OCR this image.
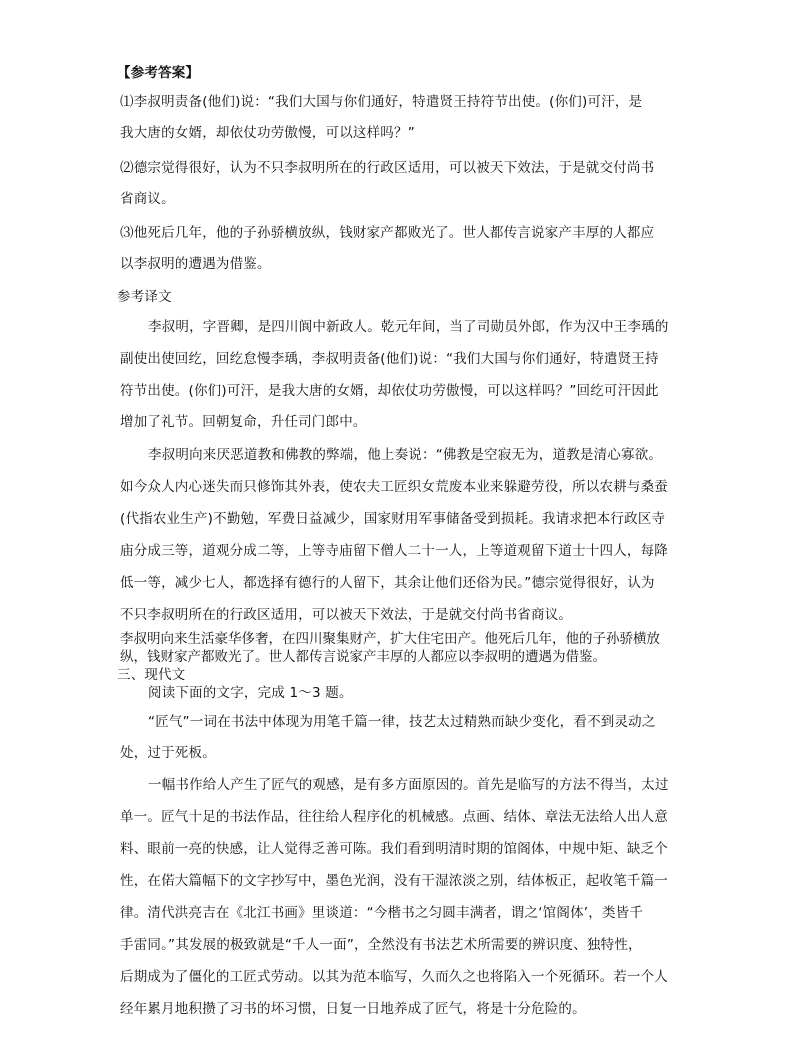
【参考答案】
⑴李叔明责备(他们)说：“我们大国与你们通好，特遣贤王持符节出使。(你们)可汗，是
我大唐的女婿，却依仗功劳傲慢，可以这样吗？”
⑵德宗觉得很好，认为不只李叔明所在的行政区适用，可以被天下效法，于是就交付尚书
省商议。
⑶他死后几年，他的子孙骄横放纵，钱财家产都败光了。世人都传言说家产丰厚的人都应
以李叔明的遭遇为借鉴。
参考译文
李叔明，字晋卿，是四川阆中新政人。乾元年间，当了司勋员外郎，作为汉中王李瑀的
副使出使回纥，回纥怠慢李瑀，李叔明责备(他们)说：“我们大国与你们通好，特遣贤王持
符节出使。(你们)可汗，是我大唐的女婿，却依仗功劳傲慢，可以这样吗？”回纥可汗因此
增加了礼节。回朝复命，升任司门郎中。
李叔明向来厌恶道教和佛教的弊端，他上奏说：“佛教是空寂无为，道教是清心寡欲。
如今众人内心迷失而只修饰其外表，使农夫工匠织女荒废本业来躲避劳役，所以农耕与桑蚕
(代指农业生产)不勤勉，军费日益减少，国家财用军事储备受到损耗。我请求把本行政区寺
庙分成三等，道观分成二等，上等寺庙留下僧人二十一人，上等道观留下道士十四人，每降
低一等，减少七人，都选择有德行的人留下，其余让他们还俗为民。”德宗觉得很好，认为
不只李叔明所在的行政区适用，可以被天下效法，于是就交付尚书省商议。
李叔明向来生活豪华侈奢，在四川聚集财产，扩大住宅田产。他死后几年，他的子孙骄横放
纵，钱财家产都败光了。世人都传言说家产丰厚的人都应以李叔明的遭遇为借鉴。
三、现代文
阅读下面的文字，完成 1～3 题。
“匠气”一词在书法中体现为用笔千篇一律，技艺太过精熟而缺少变化，看不到灵动之
处，过于死板。
一幅书作给人产生了匠气的观感，是有多方面原因的。首先是临写的方法不得当，太过
单一。匠气十足的书法作品，往往给人程序化的机械感。点画、结体、章法无法给人出人意
料、眼前一亮的快感，让人觉得乏善可陈。我们看到明清时期的馆阁体，中规中矩、缺乏个
性，在偌大篇幅下的文字抄写中，墨色光润，没有干湿浓淡之别，结体板正，起收笔千篇一
律。清代洪亮吉在《北江书画》里谈道：“今楷书之匀圆丰满者，谓之‘馆阁体’，类皆千
手雷同。”其发展的极致就是“千人一面”，全然没有书法艺术所需要的辨识度、独特性，
后期成为了僵化的工匠式劳动。以其为范本临写，久而久之也将陷入一个死循环。若一个人
经年累月地积攒了习书的坏习惯，日复一日地养成了匠气，将是十分危险的。
